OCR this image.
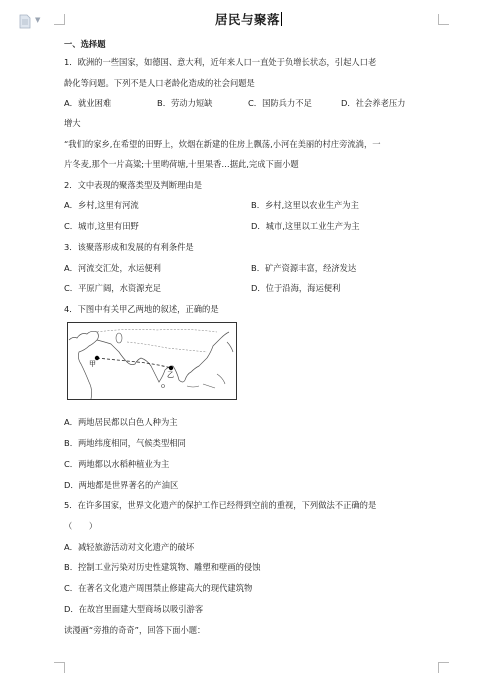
▼	居民与聚落
一、选择题
1．欧洲的一些国家，如德国、意大利，近年来人口一直处于负增长状态，引起人口老
龄化等问题。下列不是人口老龄化造成的社会问题是
A．就业困难	B．劳动力短缺	C．国防兵力不足	D．社会养老压力
增大
“我们的家乡,在希望的田野上，炊烟在新建的住房上飘荡,小河在美丽的村庄旁流淌，一
片冬麦,那个一片高粱;十里哟荷塘,十里果香…据此,完成下面小题
2．文中表现的聚落类型及判断理由是
A．乡村,这里有河流	B．乡村,这里以农业生产为主
C．城市,这里有田野	D．城市,这里以工业生产为主
3．该聚落形成和发展的有利条件是
A．河流交汇处，水运便利	B．矿产资源丰富，经济发达
C．平原广阔，水资源充足	D．位于沿海，海运便利
4．下图中有关甲乙两地的叙述，正确的是
甲
乙
A．两地居民都以白色人种为主
B．两地纬度相同，气候类型相同
C．两地都以水稻种植业为主
D．两地都是世界著名的产油区
5．在许多国家，世界文化遗产的保护工作已经得到空前的重视，下列做法不正确的是
（　　）
A．减轻旅游活动对文化遗产的破坏
B．控制工业污染对历史性建筑物、雕塑和壁画的侵蚀
C．在著名文化遗产周围禁止修建高大的现代建筑物
D．在故宫里面建大型商场以吸引游客
读漫画“旁推的奇奇”，回答下面小题：
